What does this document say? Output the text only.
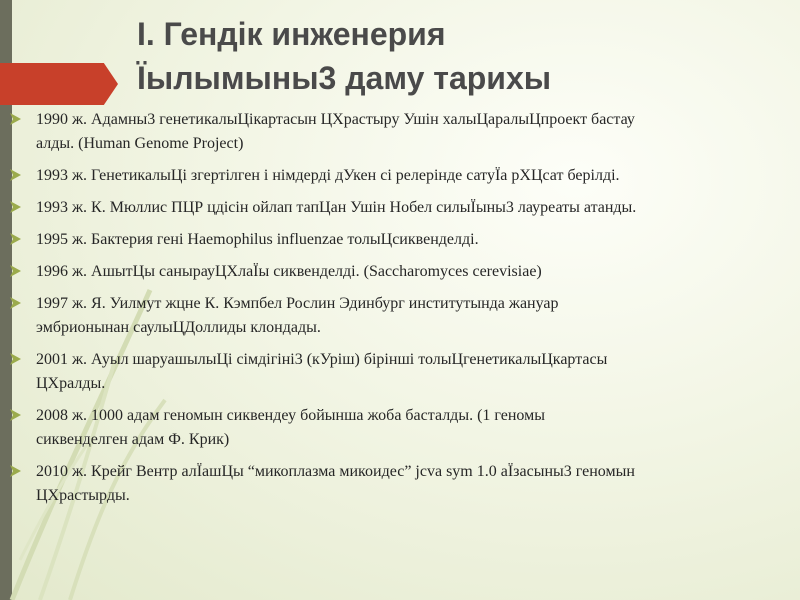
I. Гендік инженерия
Ïылымыны3 даму тарихы
1990 ж. Адамны3 генетикалыЦікартасын ЦХрастыру Ушін халыЦаралыЦпроект бастау
алды. (Human Genome Project)
1993 ж. ГенетикалыЦі згертілген і німдерді дУкен сі релерінде сатуЇа рХЦсат берілді.
1993 ж. К. Мюллис ПЦР цдісін ойлап тапЦан Ушін Нобел силыЇыны3 лауреаты атанды.
1995 ж. Бактерия гені Haemophilus influenzae толыЦсиквенделді.
1996 ж. АшытЦы санырауЦХлаЇы сиквенделді. (Saccharomyces cerevisiae)
1997 ж. Я. Уилмут жцне К. Кэмпбел Рослин Эдинбург институтында жануар
эмбрионынан саулыЦДоллиды клондады.
2001 ж. Ауыл шаруашылыЦі сімдігіні3 (кУріш) бірінші толыЦгенетикалыЦкартасы
ЦХралды.
2008 ж. 1000 адам геномын сиквендеу бойынша жоба басталды. (1 геномы
сиквенделген адам Ф. Крик)
2010 ж. Крейг Вентр алЇашЦы “микоплазма микоидес” jcva sym 1.0 аЇзасыны3 геномын
ЦХрастырды.
